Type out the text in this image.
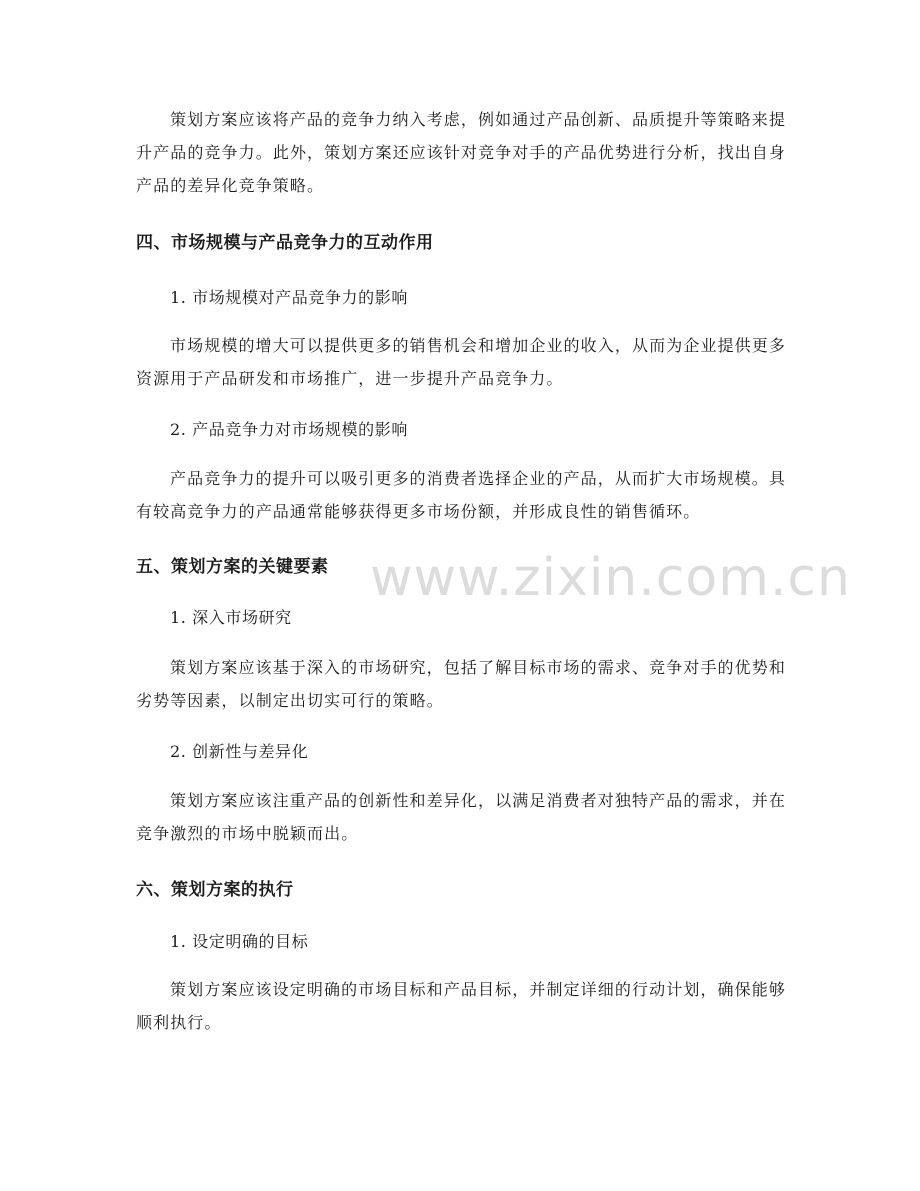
www.zixin.com.cn

策划方案应该将产品的竞争力纳入考虑，例如通过产品创新、品质提升等策略来提升产品的竞争力。此外，策划方案还应该针对竞争对手的产品优势进行分析，找出自身产品的差异化竞争策略。

四、市场规模与产品竞争力的互动作用

1. 市场规模对产品竞争力的影响

市场规模的增大可以提供更多的销售机会和增加企业的收入，从而为企业提供更多资源用于产品研发和市场推广，进一步提升产品竞争力。

2. 产品竞争力对市场规模的影响

产品竞争力的提升可以吸引更多的消费者选择企业的产品，从而扩大市场规模。具有较高竞争力的产品通常能够获得更多市场份额，并形成良性的销售循环。

五、策划方案的关键要素

1. 深入市场研究

策划方案应该基于深入的市场研究，包括了解目标市场的需求、竞争对手的优势和劣势等因素，以制定出切实可行的策略。

2. 创新性与差异化

策划方案应该注重产品的创新性和差异化，以满足消费者对独特产品的需求，并在竞争激烈的市场中脱颖而出。

六、策划方案的执行

1. 设定明确的目标

策划方案应该设定明确的市场目标和产品目标，并制定详细的行动计划，确保能够顺利执行。
